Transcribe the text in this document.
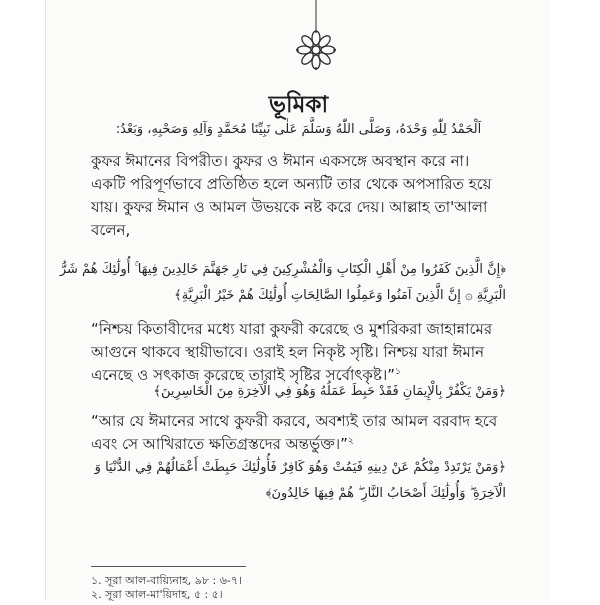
ভূমিকা
اَلْحَمْدُ لِلّٰهِ وَحْدَهُ، وَصَلَّى اللّٰهُ وَسَلَّمَ عَلٰى نَبِيِّنَا مُحَمَّدٍ وَآلِهِ وَصَحْبِهِ، وَبَعْدُ:

কুফর ঈমানের বিপরীত। কুফর ও ঈমান একসঙ্গে অবস্থান করে না। একটি পরিপূর্ণভাবে প্রতিষ্ঠিত হলে অন্যটি তার থেকে অপসারিত হয়ে যায়। কুফর ঈমান ও আমল উভয়কে নষ্ট করে দেয়। আল্লাহ তা'আলা বলেন,

﴿إِنَّ الَّذِينَ كَفَرُوا مِنْ أَهْلِ الْكِتَابِ وَالْمُشْرِكِينَ فِي نَارِ جَهَنَّمَ خَالِدِينَ فِيهَا ۚ أُولَٰئِكَ هُمْ شَرُّ
الْبَرِيَّةِ ۞ إِنَّ الَّذِينَ آمَنُوا وَعَمِلُوا الصَّالِحَاتِ أُولَٰئِكَ هُمْ خَيْرُ الْبَرِيَّةِ﴾

“নিশ্চয় কিতাবীদের মধ্যে যারা কুফরী করেছে ও মুশরিকরা জাহান্নামের আগুনে থাকবে স্থায়ীভাবে। ওরাই হল নিকৃষ্ট সৃষ্টি। নিশ্চয় যারা ঈমান এনেছে ও সৎকাজ করেছে তারাই সৃষ্টির সর্বোৎকৃষ্ট।”$^১$

﴿وَمَنْ يَكْفُرْ بِالْإِيمَانِ فَقَدْ حَبِطَ عَمَلُهُ وَهُوَ فِي الْآخِرَةِ مِنَ الْخَاسِرِينَ﴾

“আর যে ঈমানের সাথে কুফরী করবে, অবশ্যই তার আমল বরবাদ হবে এবং সে আখিরাতে ক্ষতিগ্রস্তদের অন্তর্ভুক্ত।”$^২$

﴿وَمَنْ يَرْتَدِدْ مِنْكُمْ عَنْ دِينِهِ فَيَمُتْ وَهُوَ كَافِرٌ فَأُولَٰئِكَ حَبِطَتْ أَعْمَالُهُمْ فِي الدُّنْيَا وَ
الْآخِرَةِ ۖ وَأُولَٰئِكَ أَصْحَابُ النَّارِ ۖ هُمْ فِيهَا خَالِدُونَ﴾
১. সূরা আল-বায়্যিনাহ, ৯৮ : ৬-৭।
২. সূরা আল-মা'য়িদাহ, ৫ : ৫।
